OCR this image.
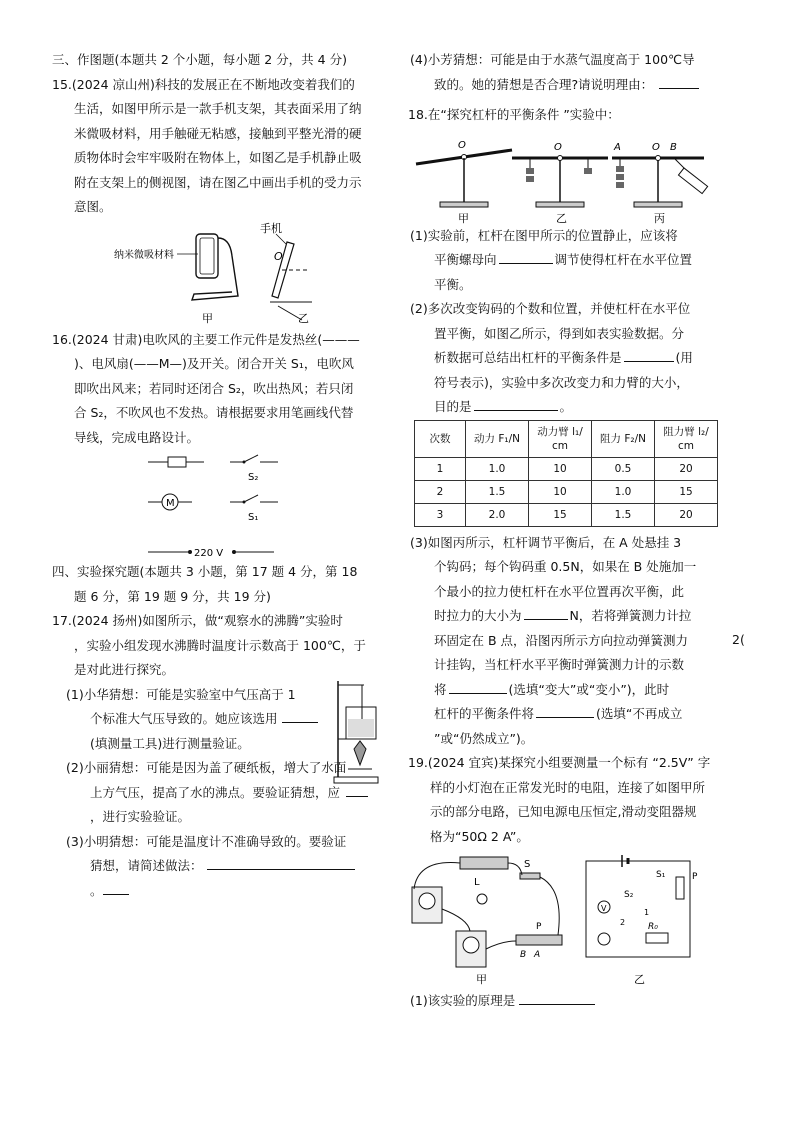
三、作图题(本题共 2 个小题，每小题 2 分，共 4 分)

15.(2024 凉山州)科技的发展正在不断地改变着我们的

生活，如图甲所示是一款手机支架，其表面采用了纳

米微吸材料，用手触碰无粘感，接触到平整光滑的硬

质物体时会牢牢吸附在物体上，如图乙是手机静止吸

附在支架上的侧视图，请在图乙中画出手机的受力示

意图。

纳米微吸材料
甲
手机
O
乙

16.(2024 甘肃)电吹风的主要工作元件是发热丝(———

)、电风扇(——M—)及开关。闭合开关 S₁，电吹风

即吹出风来；若同时还闭合 S₂，吹出热风；若只闭

合 S₂，不吹风也不发热。请根据要求用笔画线代替

导线，完成电路设计。

S₂
M
S₁
220 V

四、实验探究题(本题共 3 小题，第 17 题 4 分，第 18

题 6 分，第 19 题 9 分，共 19 分)

17.(2024 扬州)如图所示，做“观察水的沸腾”实验时

，实验小组发现水沸腾时温度计示数高于 100℃，于

是对此进行探究。

(1)小华猜想：可能是实验室中气压高于 1

个标准大气压导致的。她应该选用

(填测量工具)进行测量验证。

(2)小丽猜想：可能是因为盖了硬纸板，增大了水面

上方气压，提高了水的沸点。要验证猜想，应

，进行实验验证。

(3)小明猜想：可能是温度计不准确导致的。要验证

猜想，请简述做法：

。

(4)小芳猜想：可能是由于水蒸气温度高于 100℃导

致的。她的猜想是否合理?请说明理由：

18.在“探究杠杆的平衡条件 ”实验中：

O
甲
O
乙
A	O B
丙

(1)实验前，杠杆在图甲所示的位置静止，应该将

平衡螺母向	调节使得杠杆在水平位置

平衡。

(2)多次改变钩码的个数和位置，并使杠杆在水平位

置平衡，如图乙所示，得到如表实验数据。分

析数据可总结出杠杆的平衡条件是	(用

符号表示)，实验中多次改变力和力臂的大小，

目的是	。

次数	动力 F₁/N	动力臂 l₁/ cm	阻力 F₂/N	阻力臂 l₂/ cm
1	1.0	10	0.5	20
2	1.5	10	1.0	15
3	2.0	15	1.5	20

(3)如图丙所示，杠杆调节平衡后，在 A 处悬挂 3

个钩码；每个钩码重 0.5N，如果在 B 处施加一

个最小的拉力使杠杆在水平位置再次平衡，此

时拉力的大小为	N，若将弹簧测力计拉

环固定在 B 点，沿图丙所示方向拉动弹簧测力

计挂钩，当杠杆水平平衡时弹簧测力计的示数

将	(选填“变大”或“变小”)，此时

杠杆的平衡条件将	(选填“不再成立

”或“仍然成立”)。

19.(2024 宜宾)某探究小组要测量一个标有 “2.5V” 字

样的小灯泡在正常发光时的电阻，连接了如图甲所

示的部分电路，已知电源电压恒定,滑动变阻器规

格为“50Ω 2 A”。

L
S
P
B A
甲
S₁	P
V
S₂
1
2	R₀
乙

(1)该实验的原理是

2(
